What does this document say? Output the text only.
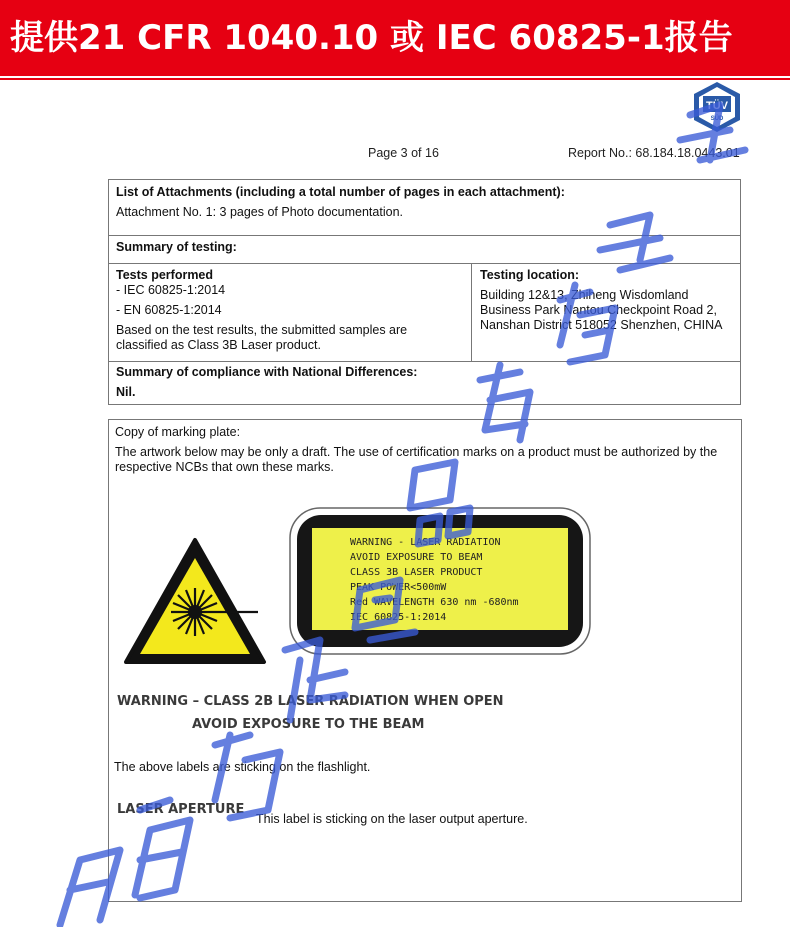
提供21 CFR 1040.10 或 IEC 60825-1报告
TÜV
SÜD
Page 3 of 16	Report No.: 68.184.18.0443.01
List of Attachments (including a total number of pages in each attachment):
Attachment No. 1: 3 pages of Photo documentation.
Summary of testing:
Tests performed
- IEC 60825-1:2014
- EN 60825-1:2014
Based on the test results, the submitted samples are classified as Class 3B Laser product.
Testing location:
Building 12&13, Zhiheng Wisdomland Business Park Nantou Checkpoint Road 2, Nanshan District 518052 Shenzhen, CHINA
Summary of compliance with National Differences:
Nil.
Copy of marking plate:
The artwork below may be only a draft. The use of certification marks on a product must be authorized by the respective NCBs that own these marks.
WARNING - LASER RADIATION
AVOID EXPOSURE TO BEAM
CLASS 3B LASER PRODUCT
PEAK POWER<500mW
Red WAVELENGTH 630 nm -680nm
IEC 60825-1:2014
WARNING – CLASS 2B LASER RADIATION WHEN OPEN
AVOID EXPOSURE TO THE BEAM
The above labels are sticking on the flashlight.
LASER APERTURE
This label is sticking on the laser output aperture.
